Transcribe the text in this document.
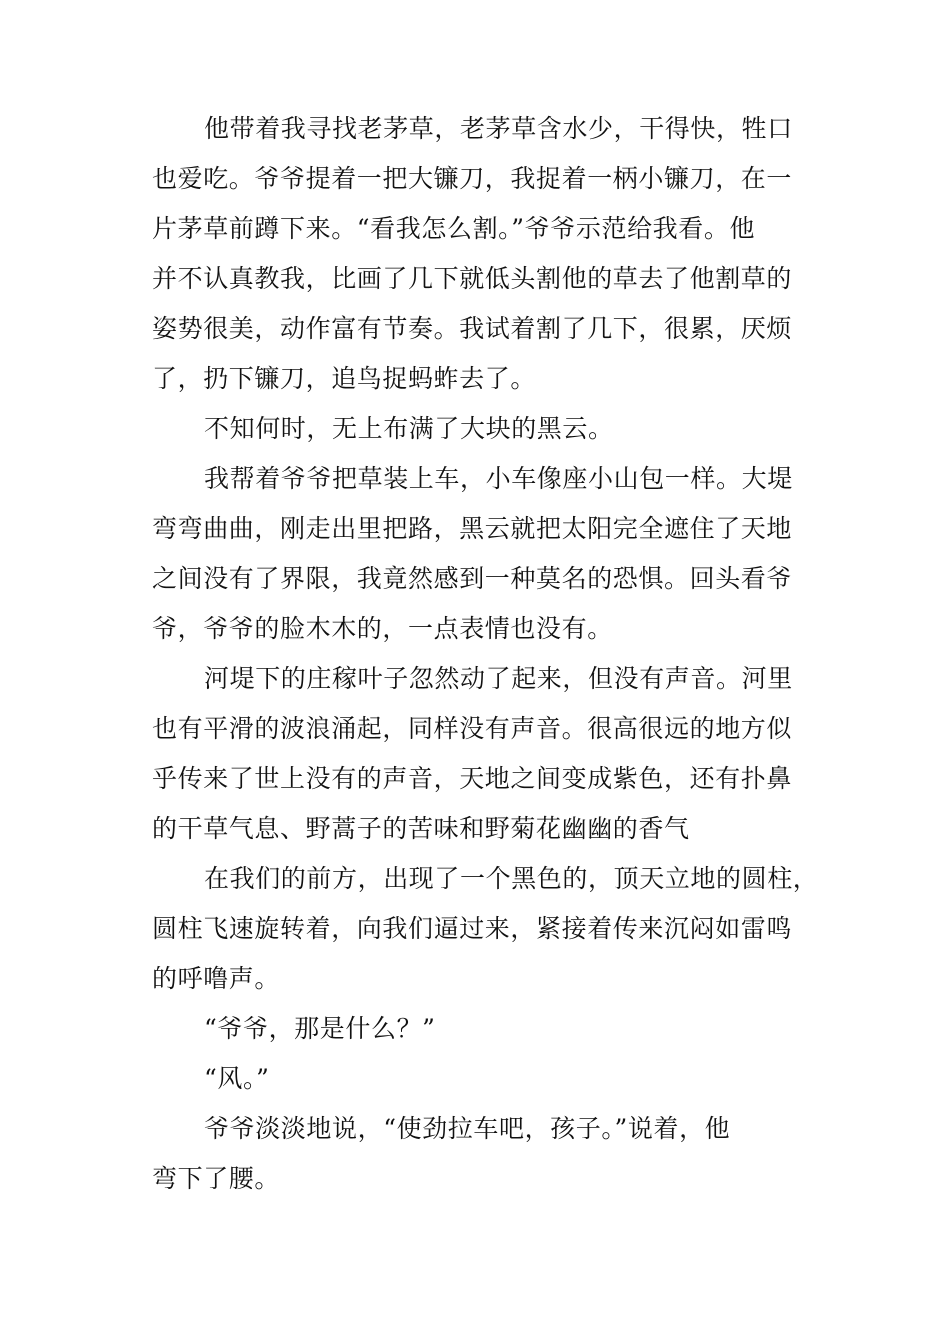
他带着我寻找老茅草，老茅草含水少，干得快，牲口
也爱吃。爷爷提着一把大镰刀，我捉着一柄小镰刀，在一
片茅草前蹲下来。“看我怎么割。”爷爷示范给我看。他
并不认真教我，比画了几下就低头割他的草去了他割草的
姿势很美，动作富有节奏。我试着割了几下，很累，厌烦
了，扔下镰刀，追鸟捉蚂蚱去了。
不知何时，无上布满了大块的黑云。
我帮着爷爷把草装上车，小车像座小山包一样。大堤
弯弯曲曲，刚走出里把路，黑云就把太阳完全遮住了天地
之间没有了界限，我竟然感到一种莫名的恐惧。回头看爷
爷，爷爷的脸木木的，一点表情也没有。
河堤下的庄稼叶子忽然动了起来，但没有声音。河里
也有平滑的波浪涌起，同样没有声音。很高很远的地方似
乎传来了世上没有的声音，天地之间变成紫色，还有扑鼻
的干草气息、野蒿子的苦味和野菊花幽幽的香气
在我们的前方，出现了一个黑色的，顶天立地的圆柱，
圆柱飞速旋转着，向我们逼过来，紧接着传来沉闷如雷鸣
的呼噜声。
“爷爷，那是什么？”
“风。”
爷爷淡淡地说，“使劲拉车吧，孩子。”说着，他
弯下了腰。
